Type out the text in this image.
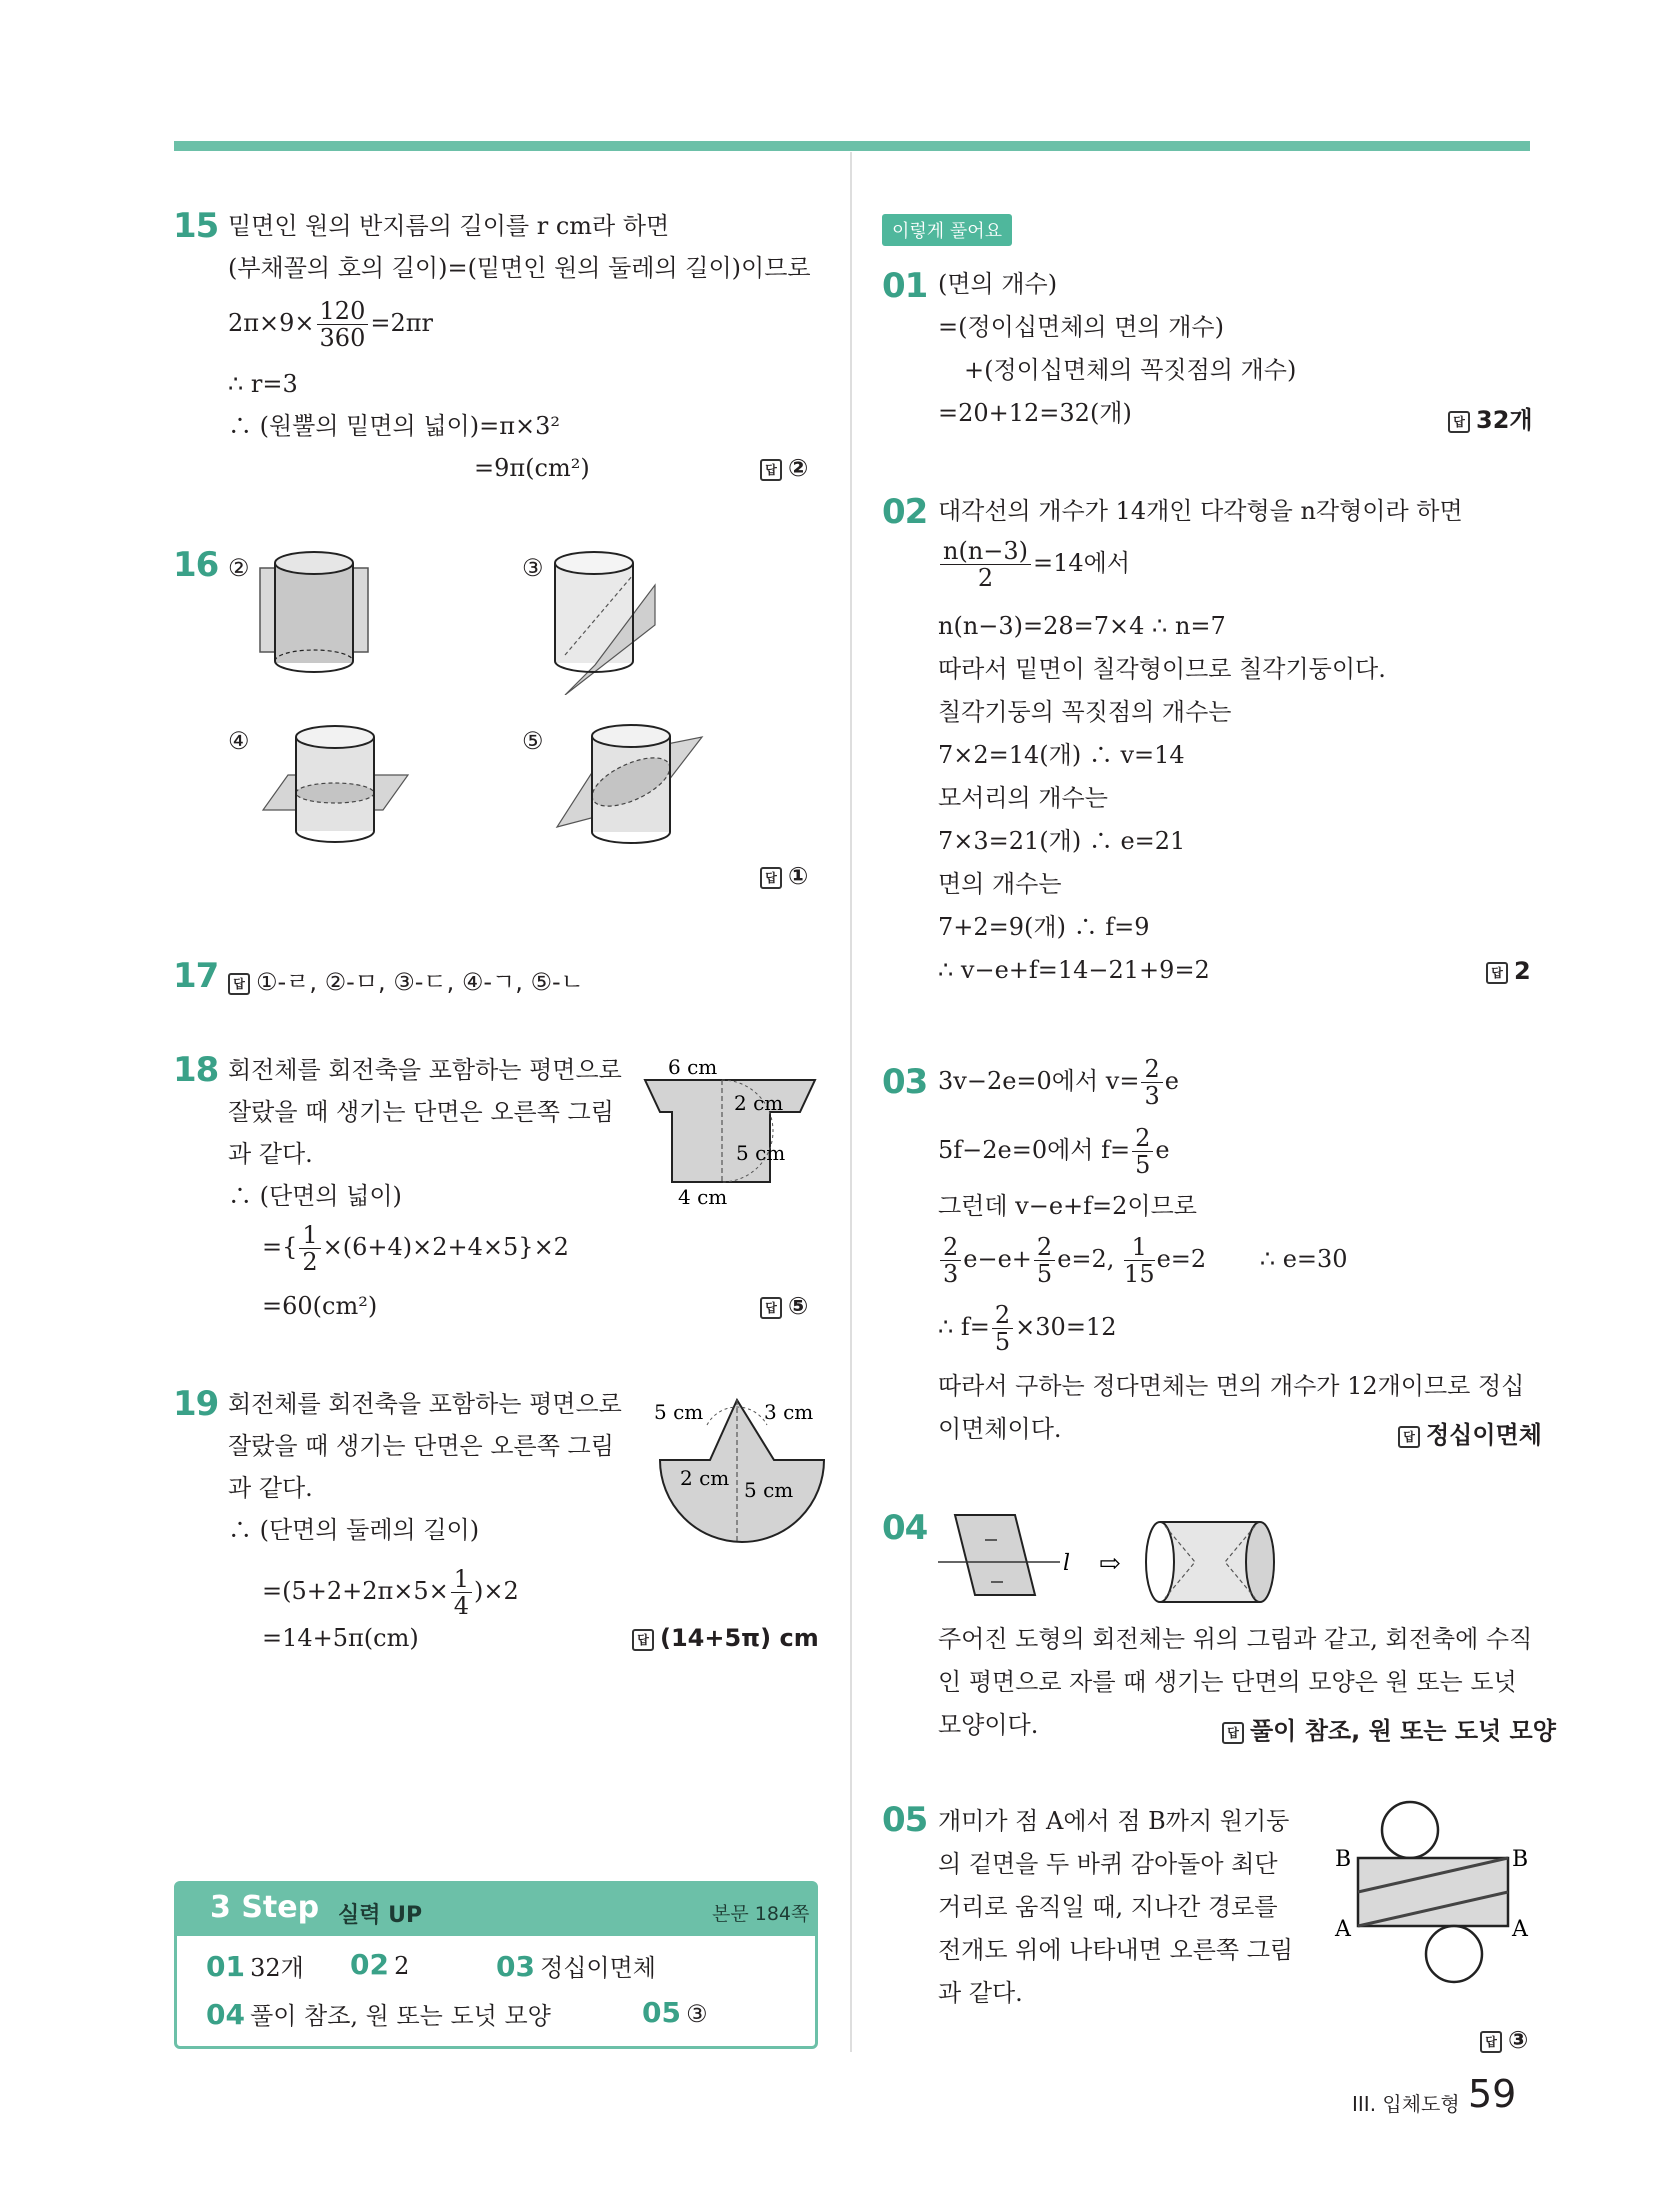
15 밑면인 원의 반지름의 길이를 r cm라 하면
(부채꼴의 호의 길이)=(밑면인 원의 둘레의 길이)이므로
$2\pi\times 9\times \frac{120}{360} =2\pi r$
∴ r=3
∴ (원뿔의 밑면의 넓이)=π×3²
=9π(cm²)	답 ②
16 ②	③
④	⑤
답 ①
17	답 ①-ㄹ, ②-ㅁ, ③-ㄷ, ④-ㄱ, ⑤-ㄴ
18 회전체를 회전축을 포함하는 평면으로
잘랐을 때 생기는 단면은 오른쪽 그림
과 같다.
∴ (단면의 넓이)
={ $\frac{1}{2} \times(6+4)\times 2+4\times 5\}\times 2$
=60(cm²)	답 ⑤
6 cm
2 cm
5 cm
4 cm
19 회전체를 회전축을 포함하는 평면으로
잘랐을 때 생기는 단면은 오른쪽 그림
과 같다.
∴ (단면의 둘레의 길이)
$=(5+2+2\pi\times 5\times \frac{1}{4} )\times 2$
=14+5π(cm)	답 (14+5π) cm
5 cm	3 cm
2 cm 5 cm
3 Step 실력 UP	본문 184쪽
01 32개 02 2	03 정십이면체
04 풀이 참조, 원 또는 도넛 모양	05 ③
이렇게 풀어요
01 (면의 개수)
=(정이십면체의 면의 개수)
+(정이십면체의 꼭짓점의 개수)
=20+12=32(개)	답 32개
02 대각선의 개수가 14개인 다각형을 n각형이라 하면
$\frac{n(n-3)}{2} =14$에서
n(n−3)=28=7×4 ∴ n=7
따라서 밑면이 칠각형이므로 칠각기둥이다.
칠각기둥의 꼭짓점의 개수는
7×2=14(개) ∴ v=14
모서리의 개수는
7×3=21(개) ∴ e=21
면의 개수는
7+2=9(개) ∴ f=9
∴ v−e+f=14−21+9=2	답 2
03 3v−2e=0에서 $v= \frac{2}{3}$ e
5f−2e=0에서 $f= \frac{2}{5}$ e
그런데 v−e+f=2이므로
$\frac{2}{3} e-e+ \frac{2}{5} e=2$, $\frac{1}{15} e=2$ ∴ e=30
∴ $f= \frac{2}{5} \times 30=12$
따라서 구하는 정다면체는 면의 개수가 12개이므로 정십
이면체이다.	답 정십이면체
04
l ⇨
주어진 도형의 회전체는 위의 그림과 같고, 회전축에 수직
인 평면으로 자를 때 생기는 단면의 모양은 원 또는 도넛
모양이다.	답 풀이 참조, 원 또는 도넛 모양
05 개미가 점 A에서 점 B까지 원기둥
의 겉면을 두 바퀴 감아돌아 최단
거리로 움직일 때, 지나간 경로를
전개도 위에 나타내면 오른쪽 그림
과 같다.
B	B
A	A
답 ③
III. 입체도형 59
